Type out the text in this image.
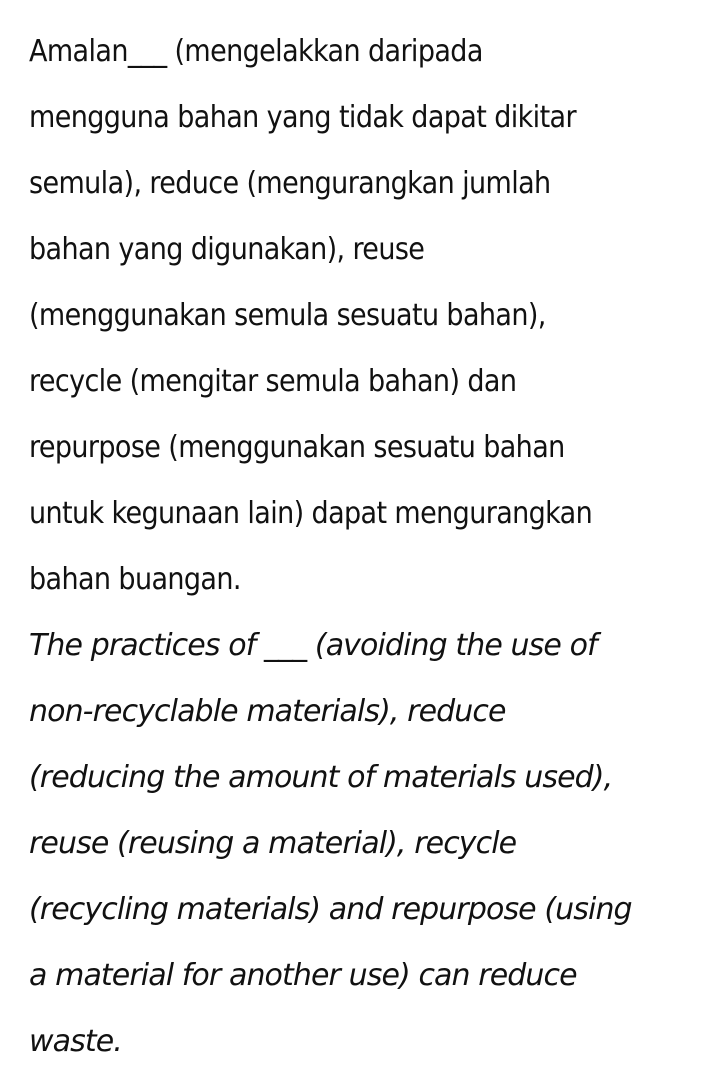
Amalan___ (mengelakkan daripada
mengguna bahan yang tidak dapat dikitar
semula), reduce (mengurangkan jumlah
bahan yang digunakan), reuse
(menggunakan semula sesuatu bahan),
recycle (mengitar semula bahan) dan
repurpose (menggunakan sesuatu bahan
untuk kegunaan lain) dapat mengurangkan
bahan buangan.

The practices of ___ (avoiding the use of
non-recyclable materials), reduce
(reducing the amount of materials used),
reuse (reusing a material), recycle
(recycling materials) and repurpose (using
a material for another use) can reduce
waste.
